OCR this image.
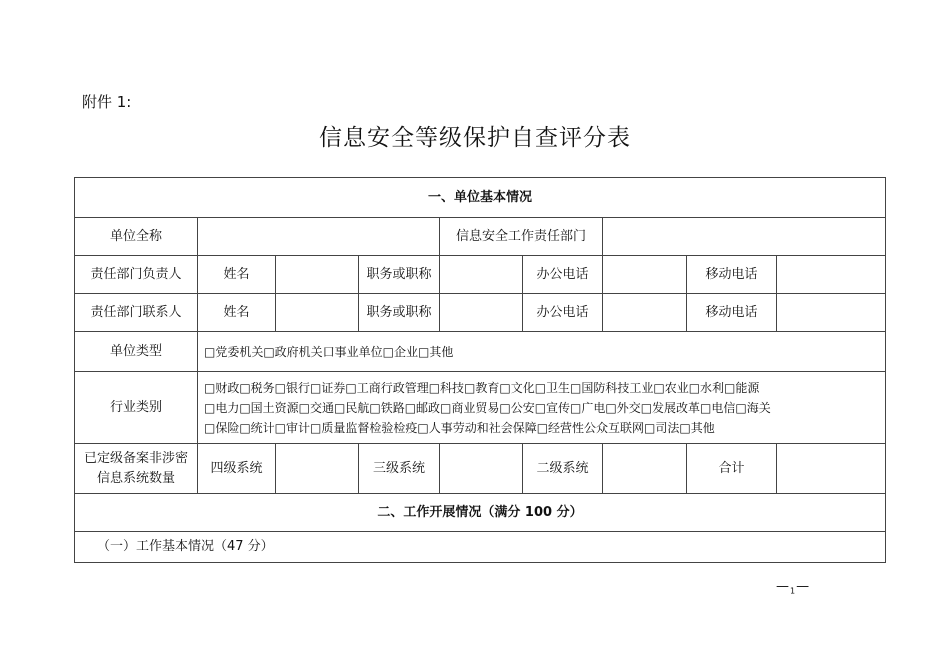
附件 1:
信息安全等级保护自查评分表
一、单位基本情况								
单位全称				信息安全工作责任部门				
责任部门负责人	姓名		职务或职称		办公电话		移动电话	
责任部门联系人	姓名		职务或职称		办公电话		移动电话	
单位类型	□党委机关□政府机关口事业单位□企业□其他							
行业类别	□财政□税务□银行□证券□工商行政管理□科技□教育□文化□卫生□国防科技工业□农业□水利□能源
□电力□国土资源□交通□民航□铁路□邮政□商业贸易□公安□宣传□广电□外交□发展改革□电信□海关
□保险□统计□审计□质量监督检验检疫□人事劳动和社会保障□经营性公众互联网□司法□其他							

已定级备案非涉密信息系统数量	四级系统		三级系统		二级系统		合计	
二、工作开展情况（满分 100 分）								
（一）工作基本情况（47 分）								
$—_1—$
